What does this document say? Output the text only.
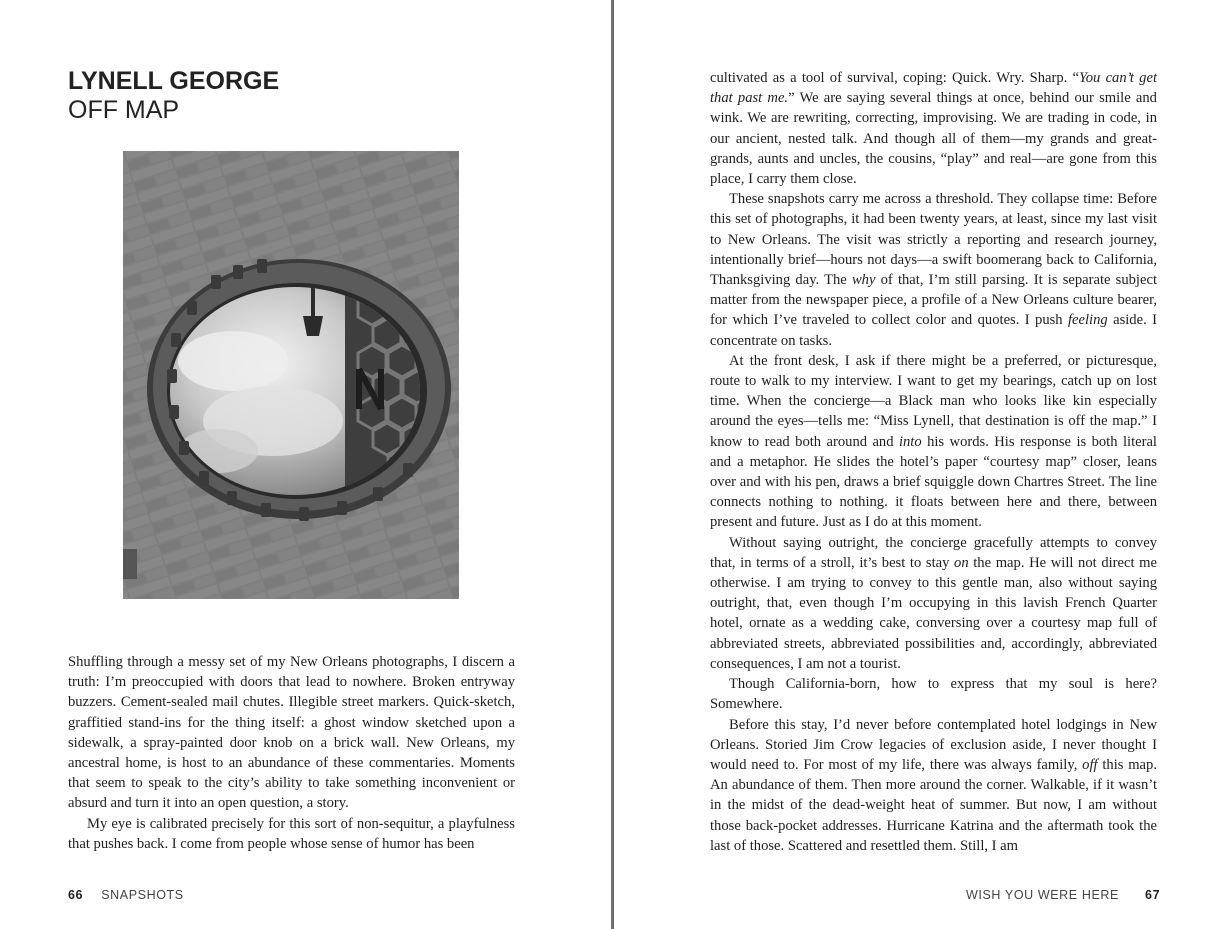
LYNELL GEORGE
OFF MAP

Shuffling through a messy set of my New Orleans photographs, I discern a truth: I’m preoccupied with doors that lead to nowhere. Broken entryway buzzers. Cement-sealed mail chutes. Illegible street markers. Quick-sketch, graffitied stand-ins for the thing itself: a ghost window sketched upon a sidewalk, a spray-painted door knob on a brick wall. New Orleans, my ancestral home, is host to an abundance of these commentaries. Moments that seem to speak to the city’s ability to take something inconvenient or absurd and turn it into an open question, a story.

My eye is calibrated precisely for this sort of non-sequitur, a playfulness that pushes back. I come from people whose sense of humor has been

66 SNAPSHOTS

cultivated as a tool of survival, coping: Quick. Wry. Sharp. “You can’t get that past me.” We are saying several things at once, behind our smile and wink. We are rewriting, correcting, improvising. We are trading in code, in our ancient, nested talk. And though all of them—my grands and great-grands, aunts and uncles, the cousins, “play” and real—are gone from this place, I carry them close.

These snapshots carry me across a threshold. They collapse time: Before this set of photographs, it had been twenty years, at least, since my last visit to New Orleans. The visit was strictly a reporting and research journey, intentionally brief—hours not days—a swift boomerang back to California, Thanksgiving day. The why of that, I’m still parsing. It is separate subject matter from the newspaper piece, a profile of a New Orleans culture bearer, for which I’ve traveled to collect color and quotes. I push feeling aside. I concentrate on tasks.

At the front desk, I ask if there might be a preferred, or picturesque, route to walk to my interview. I want to get my bearings, catch up on lost time. When the concierge—a Black man who looks like kin especially around the eyes—tells me: “Miss Lynell, that destination is off the map.” I know to read both around and into his words. His response is both literal and a metaphor. He slides the hotel’s paper “courtesy map” closer, leans over and with his pen, draws a brief squiggle down Chartres Street. The line connects nothing to nothing. it floats between here and there, between present and future. Just as I do at this moment.

Without saying outright, the concierge gracefully attempts to convey that, in terms of a stroll, it’s best to stay on the map. He will not direct me otherwise. I am trying to convey to this gentle man, also without saying outright, that, even though I’m occupying in this lavish French Quarter hotel, ornate as a wedding cake, conversing over a courtesy map full of abbreviated streets, abbreviated possibilities and, accordingly, abbreviated consequences, I am not a tourist.

Though California-born, how to express that my soul is here? Somewhere.

Before this stay, I’d never before contemplated hotel lodgings in New Orleans. Storied Jim Crow legacies of exclusion aside, I never thought I would need to. For most of my life, there was always family, off this map. An abundance of them. Then more around the corner. Walkable, if it wasn’t in the midst of the dead-weight heat of summer. But now, I am without those back-pocket addresses. Hurricane Katrina and the aftermath took the last of those. Scattered and resettled them. Still, I am

WISH YOU WERE HERE 67
